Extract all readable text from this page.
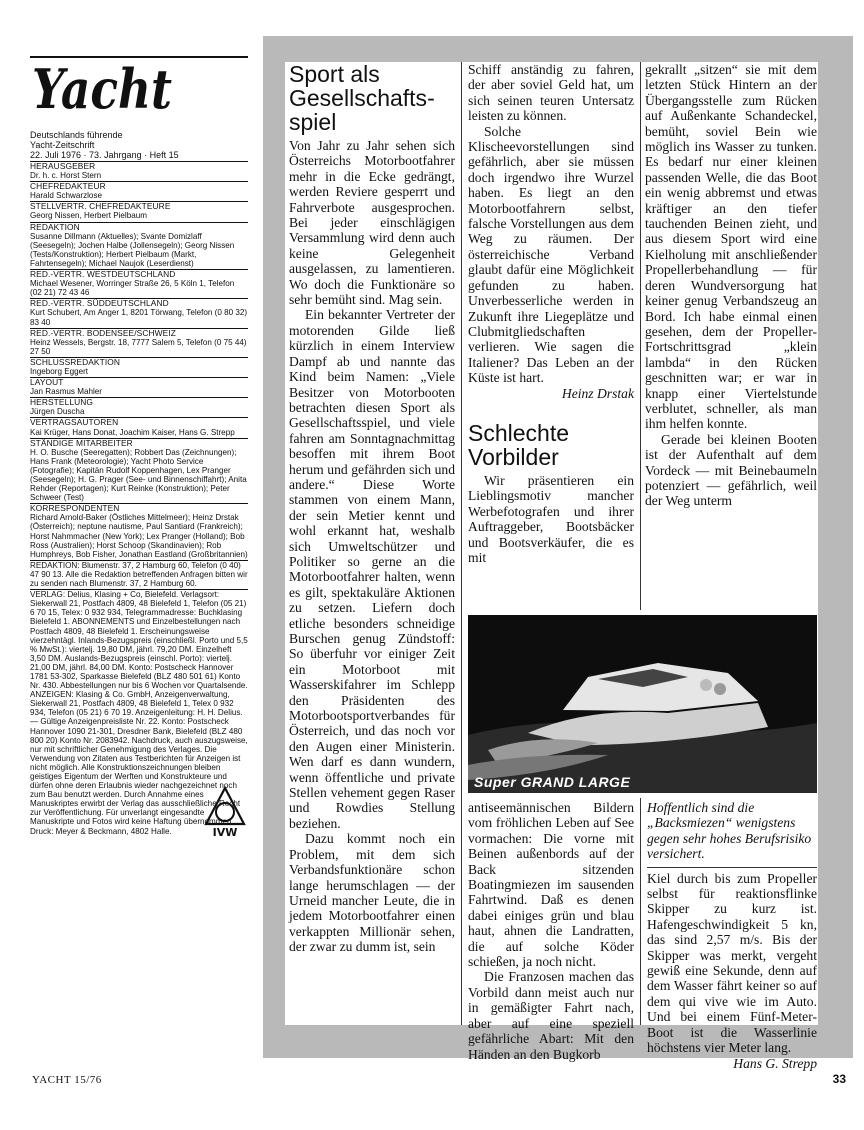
Yacht
Deutschlands führende
Yacht-Zeitschrift
22. Juli 1976 · 73. Jahrgang · Heft 15
HERAUSGEBER
Dr. h. c. Horst Stern
CHEFREDAKTEUR
Harald Schwarzlose
STELLVERTR. CHEFREDAKTEURE
Georg Nissen, Herbert Pielbaum
REDAKTION
Susanne Dillmann (Aktuelles); Svante Domizlaff (Seesegeln); Jochen Halbe (Jollensegeln); Georg Nissen (Tests/Konstruktion); Herbert Pielbaum (Markt, Fahrtensegeln); Michael Naujok (Leserdienst)
RED.-VERTR. WESTDEUTSCHLAND
Michael Wesener, Worringer Straße 26, 5 Köln 1, Telefon (02 21) 72 43 46
RED.-VERTR. SÜDDEUTSCHLAND
Kurt Schubert, Am Anger 1, 8201 Törwang, Telefon (0 80 32) 83 40
RED.-VERTR. BODENSEE/SCHWEIZ
Heinz Wessels, Bergstr. 18, 7777 Salem 5, Telefon (0 75 44) 27 50
SCHLUSSREDAKTION
Ingeborg Eggert
LAYOUT
Jan Rasmus Mahler
HERSTELLUNG
Jürgen Duscha
VERTRAGSAUTOREN
Kai Krüger, Hans Donat, Joachim Kaiser, Hans G. Strepp
STÄNDIGE MITARBEITER
H. O. Busche (Seeregatten); Robbert Das (Zeichnungen); Hans Frank (Meteorologie); Yacht Photo Service (Fotografie); Kapitän Rudolf Koppenhagen, Lex Pranger (Seesegeln); H. G. Prager (See- und Binnenschiffahrt); Anita Rehder (Reportagen); Kurt Reinke (Konstruktion); Peter Schweer (Test)
KORRESPONDENTEN
Richard Arnold-Baker (Östliches Mittelmeer); Heinz Drstak (Österreich); neptune nautisme, Paul Santiard (Frankreich); Horst Nahmmacher (New York); Lex Pranger (Holland); Bob Ross (Australien); Horst Schoop (Skandinavien); Rob Humphreys, Bob Fisher, Jonathan Eastland (Großbritannien)
REDAKTION: Blumenstr. 37, 2 Hamburg 60, Telefon (0 40) 47 90 13. Alle die Redaktion betreffenden Anfragen bitten wir zu senden nach Blumenstr. 37, 2 Hamburg 60.
VERLAG: Delius, Klasing + Co, Bielefeld. Verlagsort: Siekerwall 21, Postfach 4809, 48 Bielefeld 1, Telefon (05 21) 6 70 15, Telex: 0 932 934, Telegrammadresse: Buchklasing Bielefeld 1. ABONNEMENTS und Einzelbestellungen nach Postfach 4809, 48 Bielefeld 1. Erscheinungsweise vierzehntägl. Inlands-Bezugspreis (einschließl. Porto und 5,5 % MwSt.): viertelj. 19,80 DM, jährl. 79,20 DM. Einzelheft 3,50 DM. Auslands-Bezugspreis (einschl. Porto): viertelj. 21,00 DM, jährl. 84,00 DM. Konto: Postscheck Hannover 1781 53-302, Sparkasse Bielefeld (BLZ 480 501 61) Konto Nr. 430. Abbestellungen nur bis 6 Wochen vor Quartalsende. ANZEIGEN: Klasing & Co. GmbH, Anzeigenverwaltung, Siekerwall 21, Postfach 4809, 48 Bielefeld 1, Telex 0 932 934, Telefon (05 21) 6 70 19. Anzeigenleitung: H. H. Delius. — Gültige Anzeigenpreisliste Nr. 22. Konto: Postscheck Hannover 1090 21-301, Dresdner Bank, Bielefeld (BLZ 480 800 20) Konto Nr. 2083942. Nachdruck, auch auszugsweise, nur mit schriftlicher Genehmigung des Verlages. Die Verwendung von Zitaten aus Testberichten für Anzeigen ist nicht möglich. Alle Konstruktionszeichnungen bleiben geistiges Eigentum der Werften und Konstrukteure und dürfen ohne deren Erlaubnis wieder nachgezeichnet noch zum Bau benutzt werden. Durch Annahme eines Manuskriptes erwirbt der Verlag das ausschließliche Recht zur Veröffentlichung. Für unverlangt eingesandte Manuskripte und Fotos wird keine Haftung übernommen. Druck: Meyer & Beckmann, 4802 Halle.	IVW
Sport als Gesellschaftsspiel

Von Jahr zu Jahr sehen sich Österreichs Motorbootfahrer mehr in die Ecke gedrängt, werden Reviere gesperrt und Fahrverbote ausgesprochen. Bei jeder einschlägigen Versammlung wird denn auch keine Gelegenheit ausgelassen, zu lamentieren. Wo doch die Funktionäre so sehr bemüht sind. Mag sein.

Ein bekannter Vertreter der motorenden Gilde ließ kürzlich in einem Interview Dampf ab und nannte das Kind beim Namen: „Viele Besitzer von Motorbooten betrachten diesen Sport als Gesellschaftsspiel, und viele fahren am Sonntagnachmittag besoffen mit ihrem Boot herum und gefährden sich und andere.“ Diese Worte stammen von einem Mann, der sein Metier kennt und wohl erkannt hat, weshalb sich Umweltschützer und Politiker so gerne an die Motorbootfahrer halten, wenn es gilt, spektakuläre Aktionen zu setzen. Liefern doch etliche besonders schneidige Burschen genug Zündstoff: So überfuhr vor einiger Zeit ein Motorboot mit Wasserskifahrer im Schlepp den Präsidenten des Motorbootsportverbandes für Österreich, und das noch vor den Augen einer Ministerin. Wen darf es dann wundern, wenn öffentliche und private Stellen vehement gegen Raser und Rowdies Stellung beziehen.

Dazu kommt noch ein Problem, mit dem sich Verbandsfunktionäre schon lange herumschlagen — der Urneid mancher Leute, die in jedem Motorbootfahrer einen verkappten Millionär sehen, der zwar zu dumm ist, sein

Schiff anständig zu fahren, der aber soviel Geld hat, um sich seinen teuren Untersatz leisten zu können.

Solche Klischeevorstellungen sind gefährlich, aber sie müssen doch irgendwo ihre Wurzel haben. Es liegt an den Motorbootfahrern selbst, falsche Vorstellungen aus dem Weg zu räumen. Der österreichische Verband glaubt dafür eine Möglichkeit gefunden zu haben. Unverbesserliche werden in Zukunft ihre Liegeplätze und Clubmitgliedschaften verlieren. Wie sagen die Italiener? Das Leben an der Küste ist hart.

Heinz Drstak

Schlechte Vorbilder

Wir präsentieren ein Lieblingsmotiv mancher Werbefotografen und ihrer Auftraggeber, Bootsbäcker und Bootsverkäufer, die es mit

gekrallt „sitzen“ sie mit dem letzten Stück Hintern an der Übergangsstelle zum Rücken auf Außenkante Schandeckel, bemüht, soviel Bein wie möglich ins Wasser zu tunken. Es bedarf nur einer kleinen passenden Welle, die das Boot ein wenig abbremst und etwas kräftiger an den tiefer tauchenden Beinen zieht, und aus diesem Sport wird eine Kielholung mit anschließender Propellerbehandlung — für deren Wundversorgung hat keiner genug Verbandszeug an Bord. Ich habe einmal einen gesehen, dem der Propeller-Fortschrittsgrad „klein lambda“ in den Rücken geschnitten war; er war in knapp einer Viertelstunde verblutet, schneller, als man ihm helfen konnte.

Gerade bei kleinen Booten ist der Aufenthalt auf dem Vordeck — mit Beinebaumeln potenziert — gefährlich, weil der Weg unterm

Super GRAND LARGE

antiseemännischen Bildern vom fröhlichen Leben auf See vormachen: Die vorne mit Beinen außenbords auf der Back sitzenden Boatingmiezen im sausenden Fahrtwind. Daß es denen dabei einiges grün und blau haut, ahnen die Landratten, die auf solche Köder schießen, ja noch nicht.

Die Franzosen machen das Vorbild dann meist auch nur in gemäßigter Fahrt nach, aber auf eine speziell gefährliche Abart: Mit den Händen an den Bugkorb

Hoffentlich sind die „Backsmiezen“ wenigstens gegen sehr hohes Berufsrisiko versichert.

Kiel durch bis zum Propeller selbst für reaktionsflinke Skipper zu kurz ist. Hafengeschwindigkeit 5 kn, das sind 2,57 m/s. Bis der Skipper was merkt, vergeht gewiß eine Sekunde, denn auf dem Wasser fährt keiner so auf dem qui vive wie im Auto. Und bei einem Fünf-Meter-Boot ist die Wasserlinie höchstens vier Meter lang.

Hans G. Strepp

YACHT 15/76	33
